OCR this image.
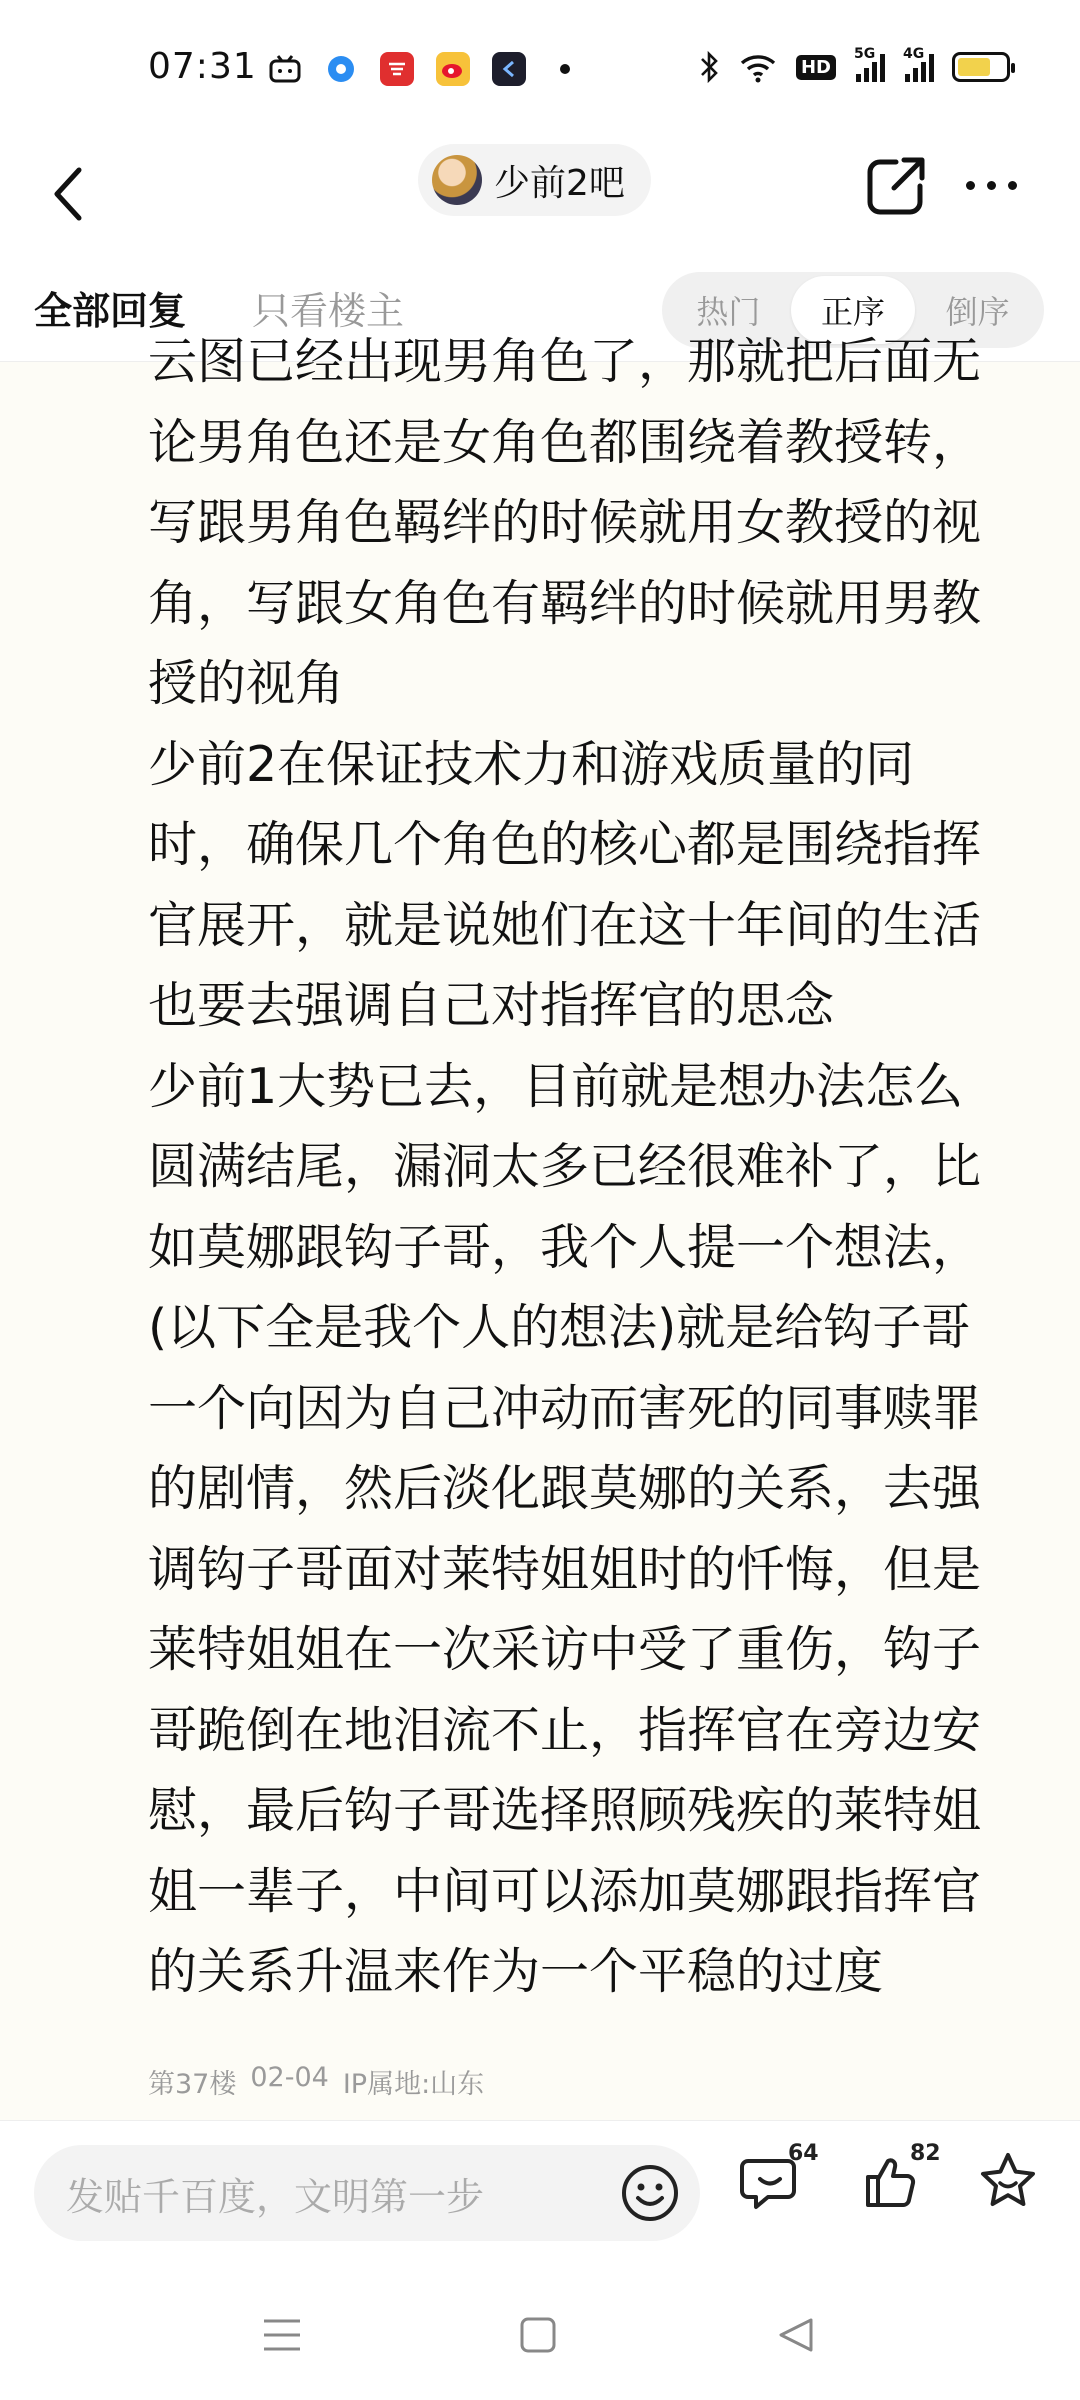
07:31	HD
5G 4G
少前2吧
全部回复 只看楼主	热门	正序	倒序
云图已经出现男角色了，那就把后面无
论男角色还是女角色都围绕着教授转，
写跟男角色羁绊的时候就用女教授的视
角，写跟女角色有羁绊的时候就用男教
授的视角
少前2在保证技术力和游戏质量的同
时，确保几个角色的核心都是围绕指挥
官展开，就是说她们在这十年间的生活
也要去强调自己对指挥官的思念
少前1大势已去，目前就是想办法怎么
圆满结尾，漏洞太多已经很难补了，比
如莫娜跟钩子哥，我个人提一个想法，
(以下全是我个人的想法)就是给钩子哥
一个向因为自己冲动而害死的同事赎罪
的剧情，然后淡化跟莫娜的关系，去强
调钩子哥面对莱特姐姐时的忏悔，但是
莱特姐姐在一次采访中受了重伤，钩子
哥跪倒在地泪流不止，指挥官在旁边安
慰，最后钩子哥选择照顾残疾的莱特姐
姐一辈子，中间可以添加莫娜跟指挥官
的关系升温来作为一个平稳的过度
第37楼 02-04 IP属地:山东
发贴千百度，文明第一步
64	82
